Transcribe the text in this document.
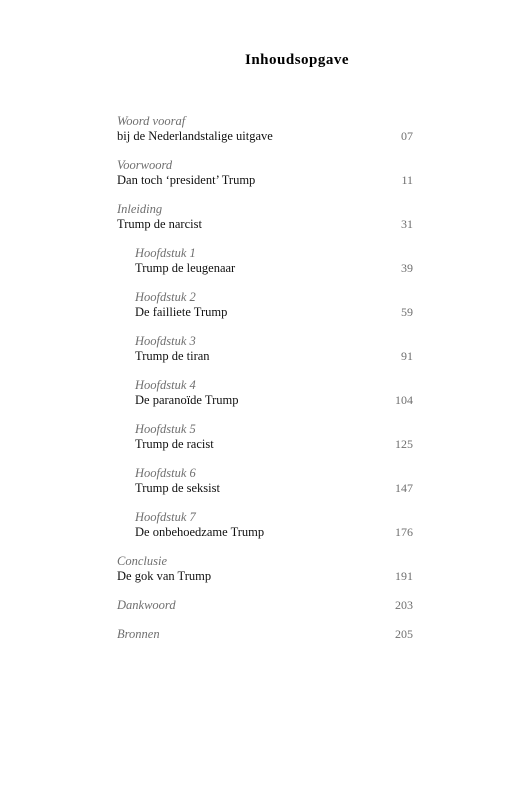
Inhoudsopgave
Woord vooraf
bij de Nederlandstalige uitgave	07
Voorwoord
Dan toch ‘president’ Trump	11
Inleiding
Trump de narcist	31
Hoofdstuk 1
Trump de leugenaar	39
Hoofdstuk 2
De failliete Trump	59
Hoofdstuk 3
Trump de tiran	91
Hoofdstuk 4
De paranoïde Trump	104
Hoofdstuk 5
Trump de racist	125
Hoofdstuk 6
Trump de seksist	147
Hoofdstuk 7
De onbehoedzame Trump	176
Conclusie
De gok van Trump	191
Dankwoord	203
Bronnen	205
